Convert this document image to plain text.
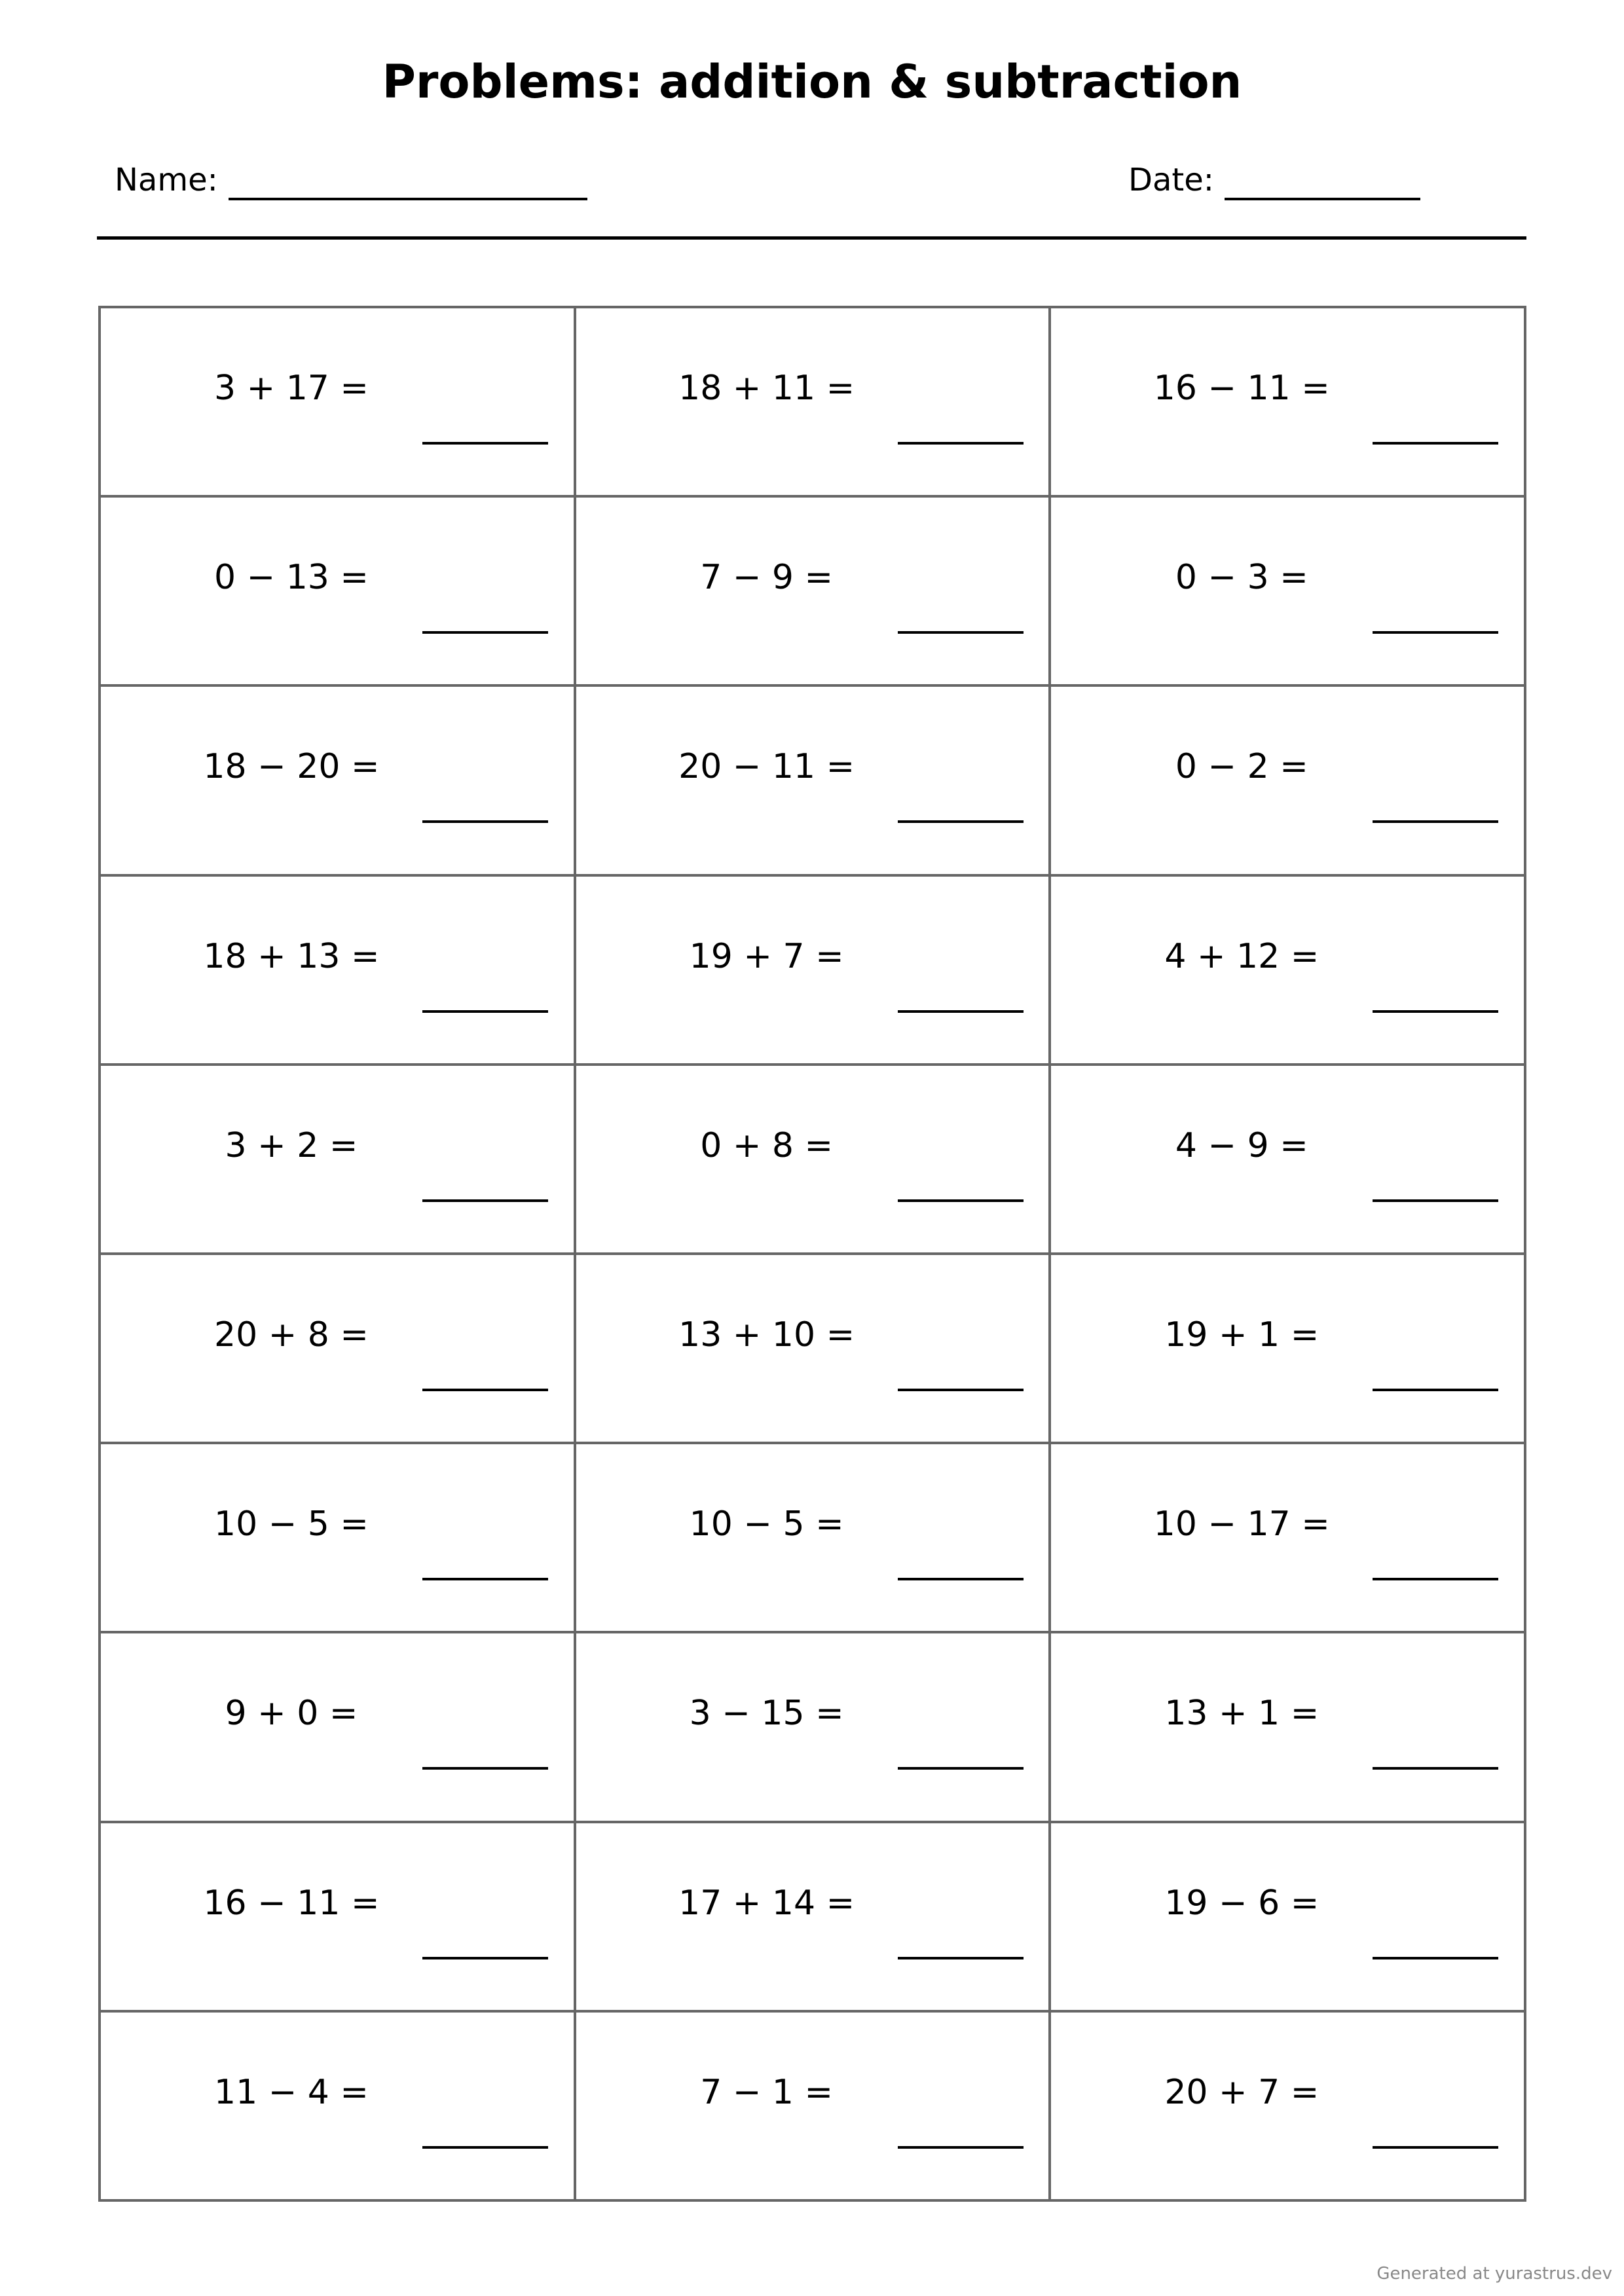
Problems: addition & subtraction
Name:	Date:
3 + 17 =	18 + 11 =	16 − 11 =
0 − 13 =	7 − 9 =	0 − 3 =
18 − 20 =	20 − 11 =	0 − 2 =
18 + 13 =	19 + 7 =	4 + 12 =
3 + 2 =	0 + 8 =	4 − 9 =
20 + 8 =	13 + 10 =	19 + 1 =
10 − 5 =	10 − 5 =	10 − 17 =
9 + 0 =	3 − 15 =	13 + 1 =
16 − 11 =	17 + 14 =	19 − 6 =
11 − 4 =	7 − 1 =	20 + 7 =
Generated at yurastrus.dev
